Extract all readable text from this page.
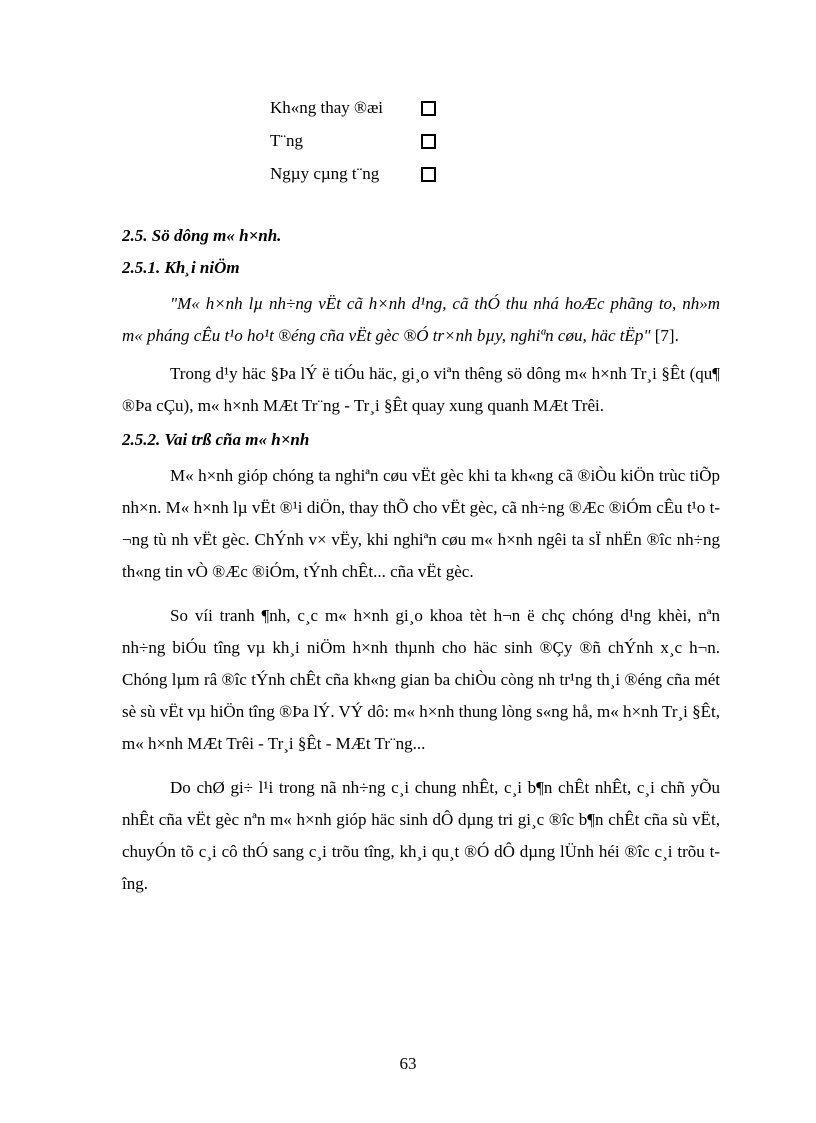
Kh«ng thay ®æi
T¨ng
Ngµy cµng t¨ng
2.5. Sö dông m« h×nh.
2.5.1. Kh¸i niÖm

"M« h×nh lµ nh÷ng vËt cã h×nh d¹ng, cã thÓ thu nhá hoÆc phãng to, nh»m m« pháng cÊu t¹o ho¹t ®éng cña vËt gèc ®Ó tr×nh bµy, nghiªn cøu, häc tËp" [7].

Trong d¹y häc §Þa lÝ ë tiÓu häc, gi¸o viªn thêng sö dông m« h×nh Tr¸i §Êt (qu¶ ®Þa cÇu), m« h×nh MÆt Tr¨ng - Tr¸i §Êt quay xung quanh MÆt Trêi.

2.5.2. Vai trß cña m« h×nh

M« h×nh gióp chóng ta nghiªn cøu vËt gèc khi ta kh«ng cã ®iÒu kiÖn trùc tiÕp nh×n. M« h×nh lµ vËt ®¹i diÖn, thay thÕ cho vËt gèc, cã nh÷ng ®Æc ®iÓm cÊu t¹o t¬ng tù nh vËt gèc. ChÝnh v× vËy, khi nghiªn cøu m« h×nh ngêi ta sÏ nhËn ®îc nh÷ng th«ng tin vÒ ®Æc ®iÓm, tÝnh chÊt... cña vËt gèc.

So víi tranh ¶nh, c¸c m« h×nh gi¸o khoa tèt h¬n ë chç chóng d¹ng khèi, nªn nh÷ng biÓu tîng vµ kh¸i niÖm h×nh thµnh cho häc sinh ®Çy ®ñ chÝnh x¸c h¬n. Chóng lµm râ ®îc tÝnh chÊt cña kh«ng gian ba chiÒu còng nh tr¹ng th¸i ®éng cña mét sè sù vËt vµ hiÖn tîng ®Þa lÝ. VÝ dô: m« h×nh thung lòng s«ng hå, m« h×nh Tr¸i §Êt, m« h×nh MÆt Trêi - Tr¸i §Êt - MÆt Tr¨ng...

Do chØ gi÷ l¹i trong nã nh÷ng c¸i chung nhÊt, c¸i b¶n chÊt nhÊt, c¸i chñ yÕu nhÊt cña vËt gèc nªn m« h×nh gióp häc sinh dÔ dµng tri gi¸c ®îc b¶n chÊt cña sù vËt, chuyÓn tõ c¸i cô thÓ sang c¸i trõu tîng, kh¸i qu¸t ®Ó dÔ dµng lÜnh héi ®îc c¸i trõu tîng.

63
